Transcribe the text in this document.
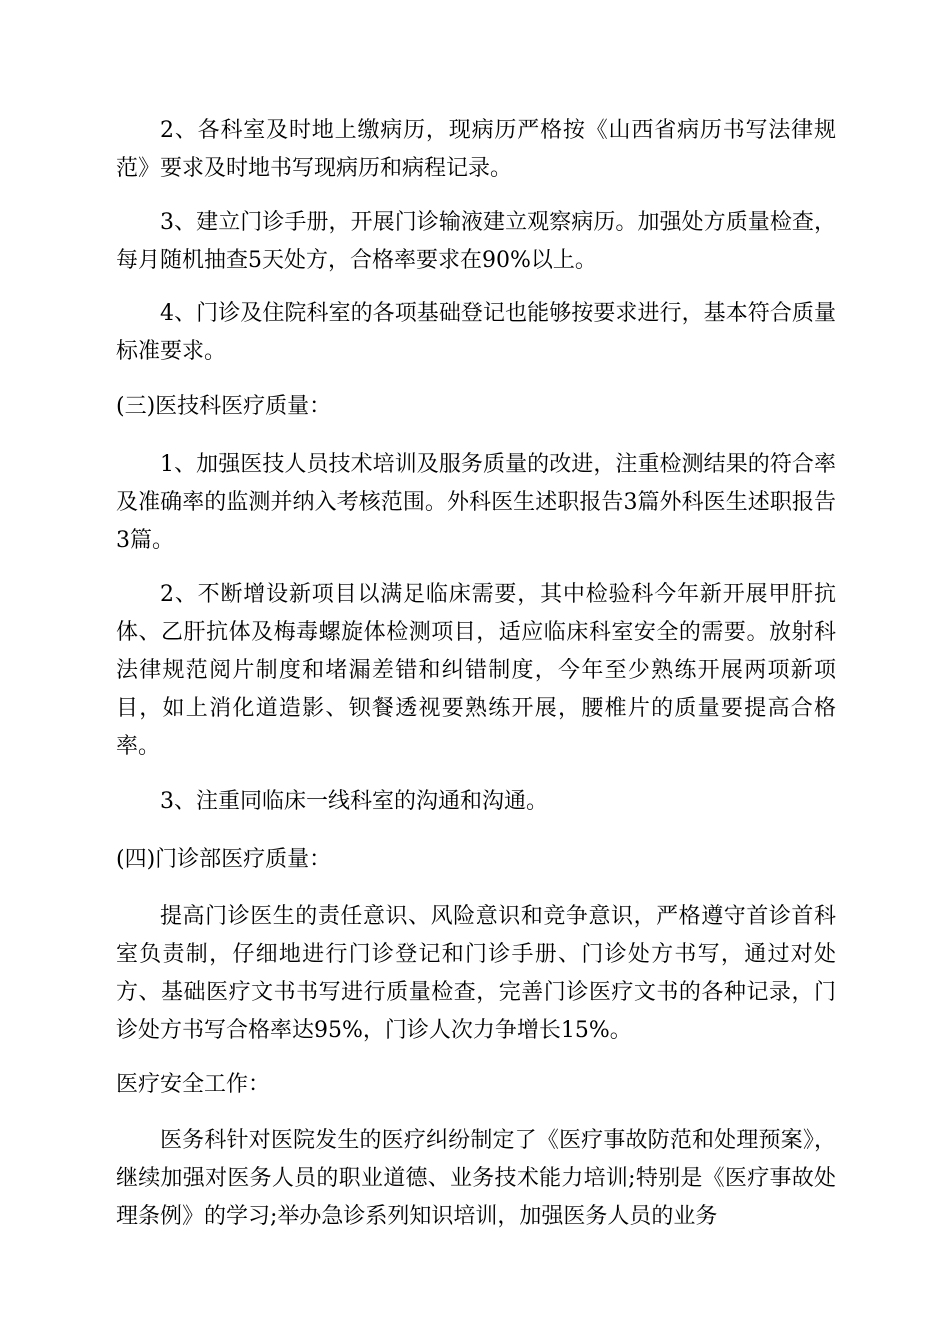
2、各科室及时地上缴病历，现病历严格按《山西省病历书写法律规范》要求及时地书写现病历和病程记录。

3、建立门诊手册，开展门诊输液建立观察病历。加强处方质量检查，每月随机抽查5天处方，合格率要求在90%以上。

4、门诊及住院科室的各项基础登记也能够按要求进行，基本符合质量标准要求。

(三)医技科医疗质量：

1、加强医技人员技术培训及服务质量的改进，注重检测结果的符合率及准确率的监测并纳入考核范围。外科医生述职报告3篇外科医生述职报告3篇。

2、不断增设新项目以满足临床需要，其中检验科今年新开展甲肝抗体、乙肝抗体及梅毒螺旋体检测项目，适应临床科室安全的需要。放射科法律规范阅片制度和堵漏差错和纠错制度，今年至少熟练开展两项新项目，如上消化道造影、钡餐透视要熟练开展，腰椎片的质量要提高合格率。

3、注重同临床一线科室的沟通和沟通。

(四)门诊部医疗质量：

提高门诊医生的责任意识、风险意识和竞争意识，严格遵守首诊首科室负责制，仔细地进行门诊登记和门诊手册、门诊处方书写，通过对处方、基础医疗文书书写进行质量检查，完善门诊医疗文书的各种记录，门诊处方书写合格率达95%，门诊人次力争增长15%。

医疗安全工作：

医务科针对医院发生的医疗纠纷制定了《医疗事故防范和处理预案》，继续加强对医务人员的职业道德、业务技术能力培训;特别是《医疗事故处理条例》的学习;举办急诊系列知识培训，加强医务人员的业务
